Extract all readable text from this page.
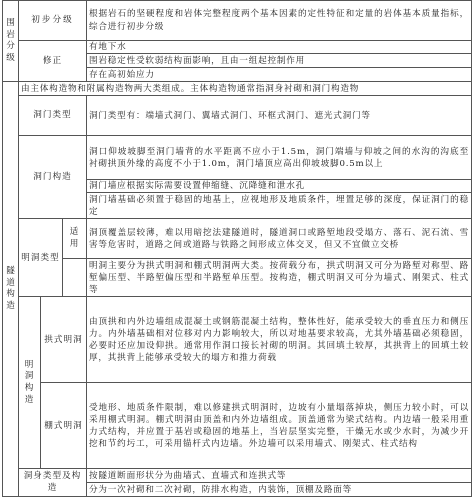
围岩分级	初步分级			根据岩石的坚硬程度和岩体完整程度两个基本因素的定性特征和定量的岩体基本质量指标，综合进行初步分级
	修正			有地下水
				围岩稳定性受软弱结构面影响，且由一组起控制作用
				存在高初始应力
隧道构造	由主体构造物和附属构造物两大类组成。主体构造物通常指洞身衬砌和洞门构造物			
	洞门类型			洞门类型有：端墙式洞门、翼墙式洞门、环框式洞门、遮光式洞门等
	洞门构造			洞口仰坡坡脚至洞门墙背的水平距离不应小于1.5m，洞门端墙与仰坡之间的水沟的沟底至衬砌拱顶外缘的高度不小于1.0m，洞门墙顶应高出仰坡坡脚0.5m以上
				洞门墙应根据实际需要设置伸缩缝、沉降缝和泄水孔
				洞门墙基础必须置于稳固的地基上，应视地形及地质条件，埋置足够的深度，保证洞门的稳定
	明洞类型		适用	洞顶覆盖层较薄，难以用暗挖法建隧道时，隧道洞口或路堑地段受塌方、落石、泥石流、雪害等危害时，道路之间或道路与铁路之间形成立体交叉，但又不宜做立交桥
				明洞主要分为拱式明洞和棚式明洞两大类。按荷载分布，拱式明洞又可分为路堑对称型、路堑偏压型、半路堑偏压型和半路堑单压型。按构造，棚式明洞又可分为墙式、刚架式、柱式等
	明洞构造	拱式明洞		由顶拱和内外边墙组成混凝土或钢筋混凝土结构，整体性好，能承受较大的垂直压力和侧压力。内外墙基础相对位移对内力影响较大，所以对地基要求较高，尤其外墙基础必须稳固，必要时还应加设仰拱。通常用作洞口接长衬砌的明洞。其回填土较厚，其拱背上的回填土较厚，其拱背上能够承受较大的塌方和推力荷载
		棚式明洞		受地形、地质条件限制，难以修建拱式明洞时，边坡有小量塌落掉块，侧压力较小时，可以采用棚式明洞。棚式明洞由顶盖和内外边墙组成。顶盖通常为梁式结构。内边墙一般采用重力式结构，并应置于基岩或稳固的地基上，当岩层坚实完整，干燥无水或少水时，为减少开挖和节约圬工，可采用锚杆式内边墙。外边墙可以采用墙式、刚架式、柱式结构
	洞身类型及构造			按隧道断面形状分为曲墙式、直墙式和连拱式等
				分为一次衬砌和二次衬砌，防排水构造，内装饰，顶棚及路面等
